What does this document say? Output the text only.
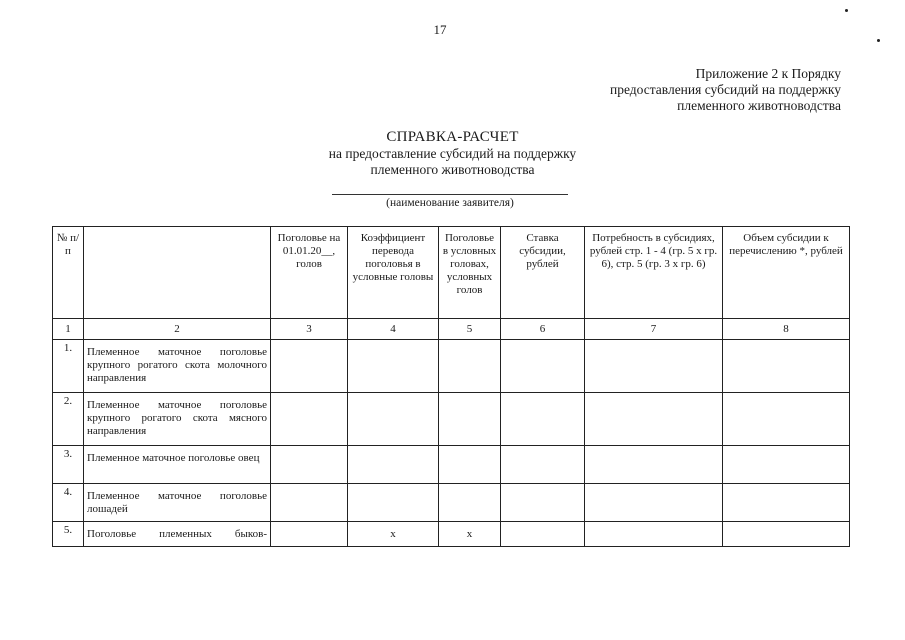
17
Приложение 2 к Порядку
предоставления субсидий на поддержку
племенного животноводства
СПРАВКА-РАСЧЕТ
на предоставление субсидий на поддержку
племенного животноводства
(наименование заявителя)
№ п/п		Поголовье на 01.01.20__, голов	Коэффициент перевода поголовья в условные головы	Поголовье в условных головах, условных голов	Ставка субсидии, рублей	Потребность в субсидиях, рублей стр. 1 - 4 (гр. 5 х гр. 6), стр. 5 (гр. 3 х гр. 6)	Объем субсидии к перечислению *, рублей
1	2	3	4	5	6	7	8
1.	Племенное маточное поголовье крупного рогатого скота молочного направления						
2.	Племенное маточное поголовье крупного рогатого скота мясного направления						
3.	Племенное маточное поголовье овец						
4.	Племенное маточное поголовье лошадей						
5.	Поголовье племенных быков-		х	х			
